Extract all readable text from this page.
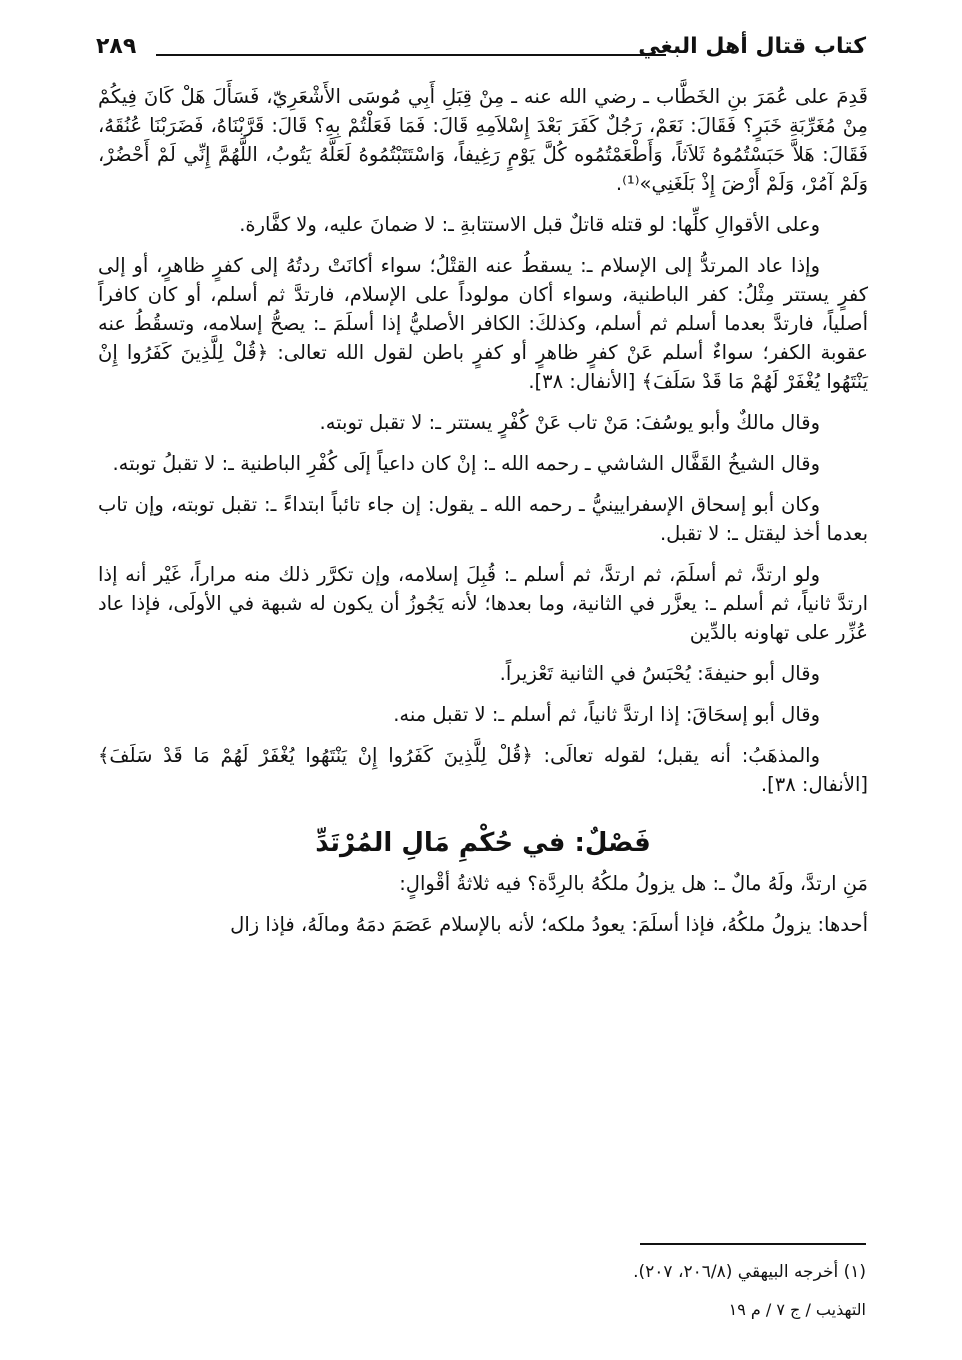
كتاب قتال أهل البغي
٢٨٩

قَدِمَ على عُمَرَ بنِ الخَطَّاب ـ رضي الله عنه ـ مِنْ قِبَلِ أَبِي مُوسَى الأَشْعَرِيّ، فَسَأَلَ هَلْ كَانَ فِيكُمْ مِنْ مُغَرِّبَةِ خَبَرٍ؟ فَقَالَ: نَعَمْ، رَجُلٌ كَفَرَ بَعْدَ إِسْلاَمِهِ قَالَ: فَمَا فَعَلْتُمْ بِهِ؟ قَالَ: قَرَّبْنَاهُ، فَضَرَبْنَا عُنُقَهُ، فَقَالَ: هَلاَّ حَبَسْتُمُوهُ ثَلاَثاً، وَأَطْعَمْتُمُوه كُلَّ يَوْمٍ رَغِيفاً، وَاسْتَتَبْتُمُوهُ لَعَلَّهُ يَتُوبُ، اللَّهُمَّ إِنِّي لَمْ أَحْضُرْ، وَلَمْ آمُرْ، وَلَمْ أَرْضَ إِذْ بَلَغَنِي»⁽¹⁾.

وعلى الأقوالِ كلِّها: لو قتله قاتلٌ قبل الاستتابةِ ـ: لا ضمانَ عليه، ولا كفَّارة.

وإذا عاد المرتدُّ إلى الإسلام ـ: يسقطُ عنه القتْلُ؛ سواء أكانَتْ ردتُهُ إلى كفرٍ ظاهرٍ، أو إلى كفرٍ يستتر مِثْلُ: كفر الباطنية، وسواء أكان مولوداً على الإسلام، فارتدَّ ثم أسلم، أو كان كافراً أصلياً، فارتدَّ بعدما أسلم ثم أسلم، وكذلكَ: الكافر الأصليُّ إذا أسلَمَ ـ: يصحُّ إسلامه، وتسقُطُ عنه عقوبة الكفر؛ سواءٌ أسلم عَنْ كفرٍ ظاهرٍ أو كفرٍ باطن لقول الله تعالى: ﴿قُلْ لِلَّذِينَ كَفَرُوا إِنْ يَنْتَهُوا يُغْفَرْ لَهُمْ مَا قَدْ سَلَفَ﴾ [الأنفال: ٣٨].

وقال مالكٌ وأبو يوسُفَ: مَنْ تاب عَنْ كُفْرٍ يستتر ـ: لا تقبل توبته.

وقال الشيخُ القَفَّال الشاشي ـ رحمه الله ـ: إنْ كان داعياً إلَى كُفْرِ الباطنية ـ: لا تقبلُ توبته.

وكان أبو إسحاق الإسفرايينيُّ ـ رحمه الله ـ يقول: إن جاء تائباً ابتداءً ـ: تقبل توبته، وإن تاب بعدما أخذ ليقتل ـ: لا تقبل.

ولو ارتدَّ، ثم أسلَمَ، ثم ارتدَّ، ثم أسلم ـ: قُبِلَ إسلامه، وإن تكرَّر ذلك منه مراراً، غَيْر أنه إذا ارتدَّ ثانياً، ثم أسلم ـ: يعزَّر في الثانية، وما بعدها؛ لأنه يَجُوزُ أن يكون له شبهة في الأولَى، فإذا عاد عُزِّر على تهاونه بالدِّين

وقال أبو حنيفةَ: يُحْبَسُ في الثانية تَعْزيراً.

وقال أبو إسحَاقَ: إذا ارتدَّ ثانياً، ثم أسلم ـ: لا تقبل منه.

والمذهَبُ: أنه يقبل؛ لقوله تعالَى: ﴿قُلْ لِلَّذِينَ كَفَرُوا إِنْ يَنْتَهُوا يُغْفَرْ لَهُمْ مَا قَدْ سَلَفَ﴾ [الأنفال: ٣٨].

فَصْلٌ: في حُكْمِ مَالِ المُرْتَدِّ

مَنِ ارتدَّ، ولَهُ مالٌ ـ: هل يزولُ ملكُهُ بالرِدَّة؟ فيه ثلاثةُ أقْوالٍ:

أحدها: يزولُ ملكُهُ، فإذا أسلَمَ: يعودُ ملكه؛ لأنه بالإسلام عَصَمَ دمَهُ ومالَهُ، فإذا زال

(١) أخرجه البيهقي (٢٠٦/٨، ٢٠٧).
التهذيب / ج ٧ / م ١٩
